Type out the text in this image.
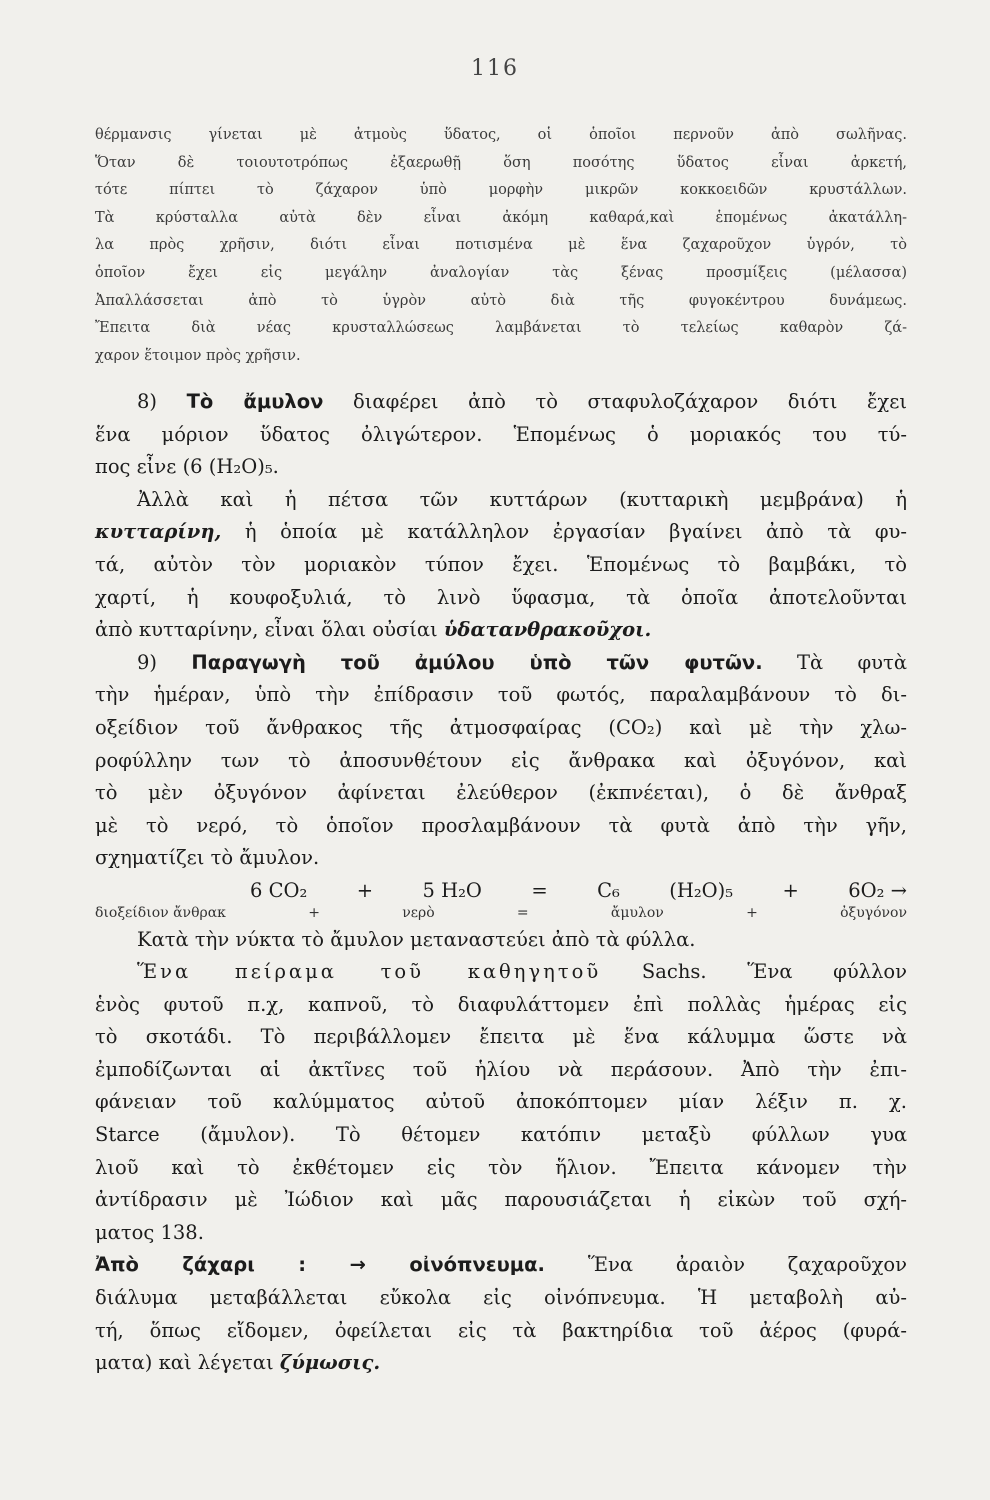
116

θέρμανσις γίνεται μὲ ἀτμοὺς ὕδατος, οἱ ὁποῖοι περνοῦν ἀπὸ σωλῆνας.

Ὅταν δὲ τοιουτοτρόπως ἐξαερωθῇ ὅση ποσότης ὕδατος εἶναι ἀρκετή,

τότε πίπτει τὸ ζάχαρον ὑπὸ μορφὴν μικρῶν κοκκοειδῶν κρυστάλλων.

Τὰ κρύσταλλα αὐτὰ δὲν εἶναι ἀκόμη καθαρά,καὶ ἑπομένως ἀκατάλλη-

λα πρὸς χρῆσιν, διότι εἶναι ποτισμένα μὲ ἕνα ζαχαροῦχον ὑγρόν, τὸ

ὁποῖον ἔχει εἰς μεγάλην ἀναλογίαν τὰς ξένας προσμίξεις (μέλασσα)

Ἀπαλλάσσεται ἀπὸ τὸ ὑγρὸν αὐτὸ διὰ τῆς φυγοκέντρου δυνάμεως.

Ἔπειτα διὰ νέας κρυσταλλώσεως λαμβάνεται τὸ τελείως καθαρὸν ζά-

χαρον ἕτοιμον πρὸς χρῆσιν.

8) Τὸ ἄμυλον διαφέρει ἀπὸ τὸ σταφυλοζάχαρον διότι ἔχει

ἕνα μόριον ὕδατος ὀλιγώτερον. Ἑπομένως ὁ μοριακός του τύ-

πος εἶνε (6 (H₂O)₅.

Ἀλλὰ καὶ ἡ πέτσα τῶν κυττάρων (κυτταρικὴ μεμβράνα) ἡ

κυτταρίνη, ἡ ὁποία μὲ κατάλληλον ἐργασίαν βγαίνει ἀπὸ τὰ φυ-

τά, αὐτὸν τὸν μοριακὸν τύπον ἔχει. Ἑπομένως τὸ βαμβάκι, τὸ

χαρτί, ἡ κουφοξυλιά, τὸ λινὸ ὕφασμα, τὰ ὁποῖα ἀποτελοῦνται

ἀπὸ κυτταρίνην, εἶναι ὅλαι οὐσίαι ὑδατανθρακοῦχοι.

9) Παραγωγὴ τοῦ ἀμύλου ὑπὸ τῶν φυτῶν. Τὰ φυτὰ

τὴν ἡμέραν, ὑπὸ τὴν ἐπίδρασιν τοῦ φωτός, παραλαμβάνουν τὸ δι-

οξείδιον τοῦ ἄνθρακος τῆς ἀτμοσφαίρας (CO₂) καὶ μὲ τὴν χλω-

ροφύλλην των τὸ ἀποσυνθέτουν εἰς ἄνθρακα καὶ ὀξυγόνον, καὶ

τὸ μὲν ὀξυγόνον ἀφίνεται ἐλεύθερον (ἐκπνέεται), ὁ δὲ ἄνθραξ

μὲ τὸ νερό, τὸ ὁποῖον προσλαμβάνουν τὰ φυτὰ ἀπὸ τὴν γῆν,

σχηματίζει τὸ ἄμυλον.

6 CO₂	+	5 H₂O	=	C₆	(H₂O)₅	+	6O₂ →
διοξείδιον ἄνθρακ	+	νερὸ	=	ἄμυλον	+	ὀξυγόνον

Κατὰ τὴν νύκτα τὸ ἄμυλον μεταναστεύει ἀπὸ τὰ φύλλα.

Ἕνα πείραμα τοῦ καθηγητοῦ Sachs. Ἕνα φύλλον

ἑνὸς φυτοῦ π.χ, καπνοῦ, τὸ διαφυλάττομεν ἐπὶ πολλὰς ἡμέρας εἰς

τὸ σκοτάδι. Τὸ περιβάλλομεν ἔπειτα μὲ ἕνα κάλυμμα ὥστε νὰ

ἐμποδίζωνται αἱ ἀκτῖνες τοῦ ἡλίου νὰ περάσουν. Ἀπὸ τὴν ἐπι-

φάνειαν τοῦ καλύμματος αὐτοῦ ἀποκόπτομεν μίαν λέξιν π. χ.

Starce (ἄμυλον). Τὸ θέτομεν κατόπιν μεταξὺ φύλλων γυα

λιοῦ καὶ τὸ ἐκθέτομεν εἰς τὸν ἥλιον. Ἔπειτα κάνομεν τὴν

ἀντίδρασιν μὲ Ἰώδιον καὶ μᾶς παρουσιάζεται ἡ εἰκὼν τοῦ σχή-

ματος 138.

Ἀπὸ ζάχαρι : → οἰνόπνευμα. Ἕνα ἀραιὸν ζαχαροῦχον

διάλυμα μεταβάλλεται εὔκολα εἰς οἰνόπνευμα. Ἡ μεταβολὴ αὐ-

τή, ὅπως εἴδομεν, ὀφείλεται εἰς τὰ βακτηρίδια τοῦ ἀέρος (φυρά-

ματα) καὶ λέγεται ζύμωσις.
